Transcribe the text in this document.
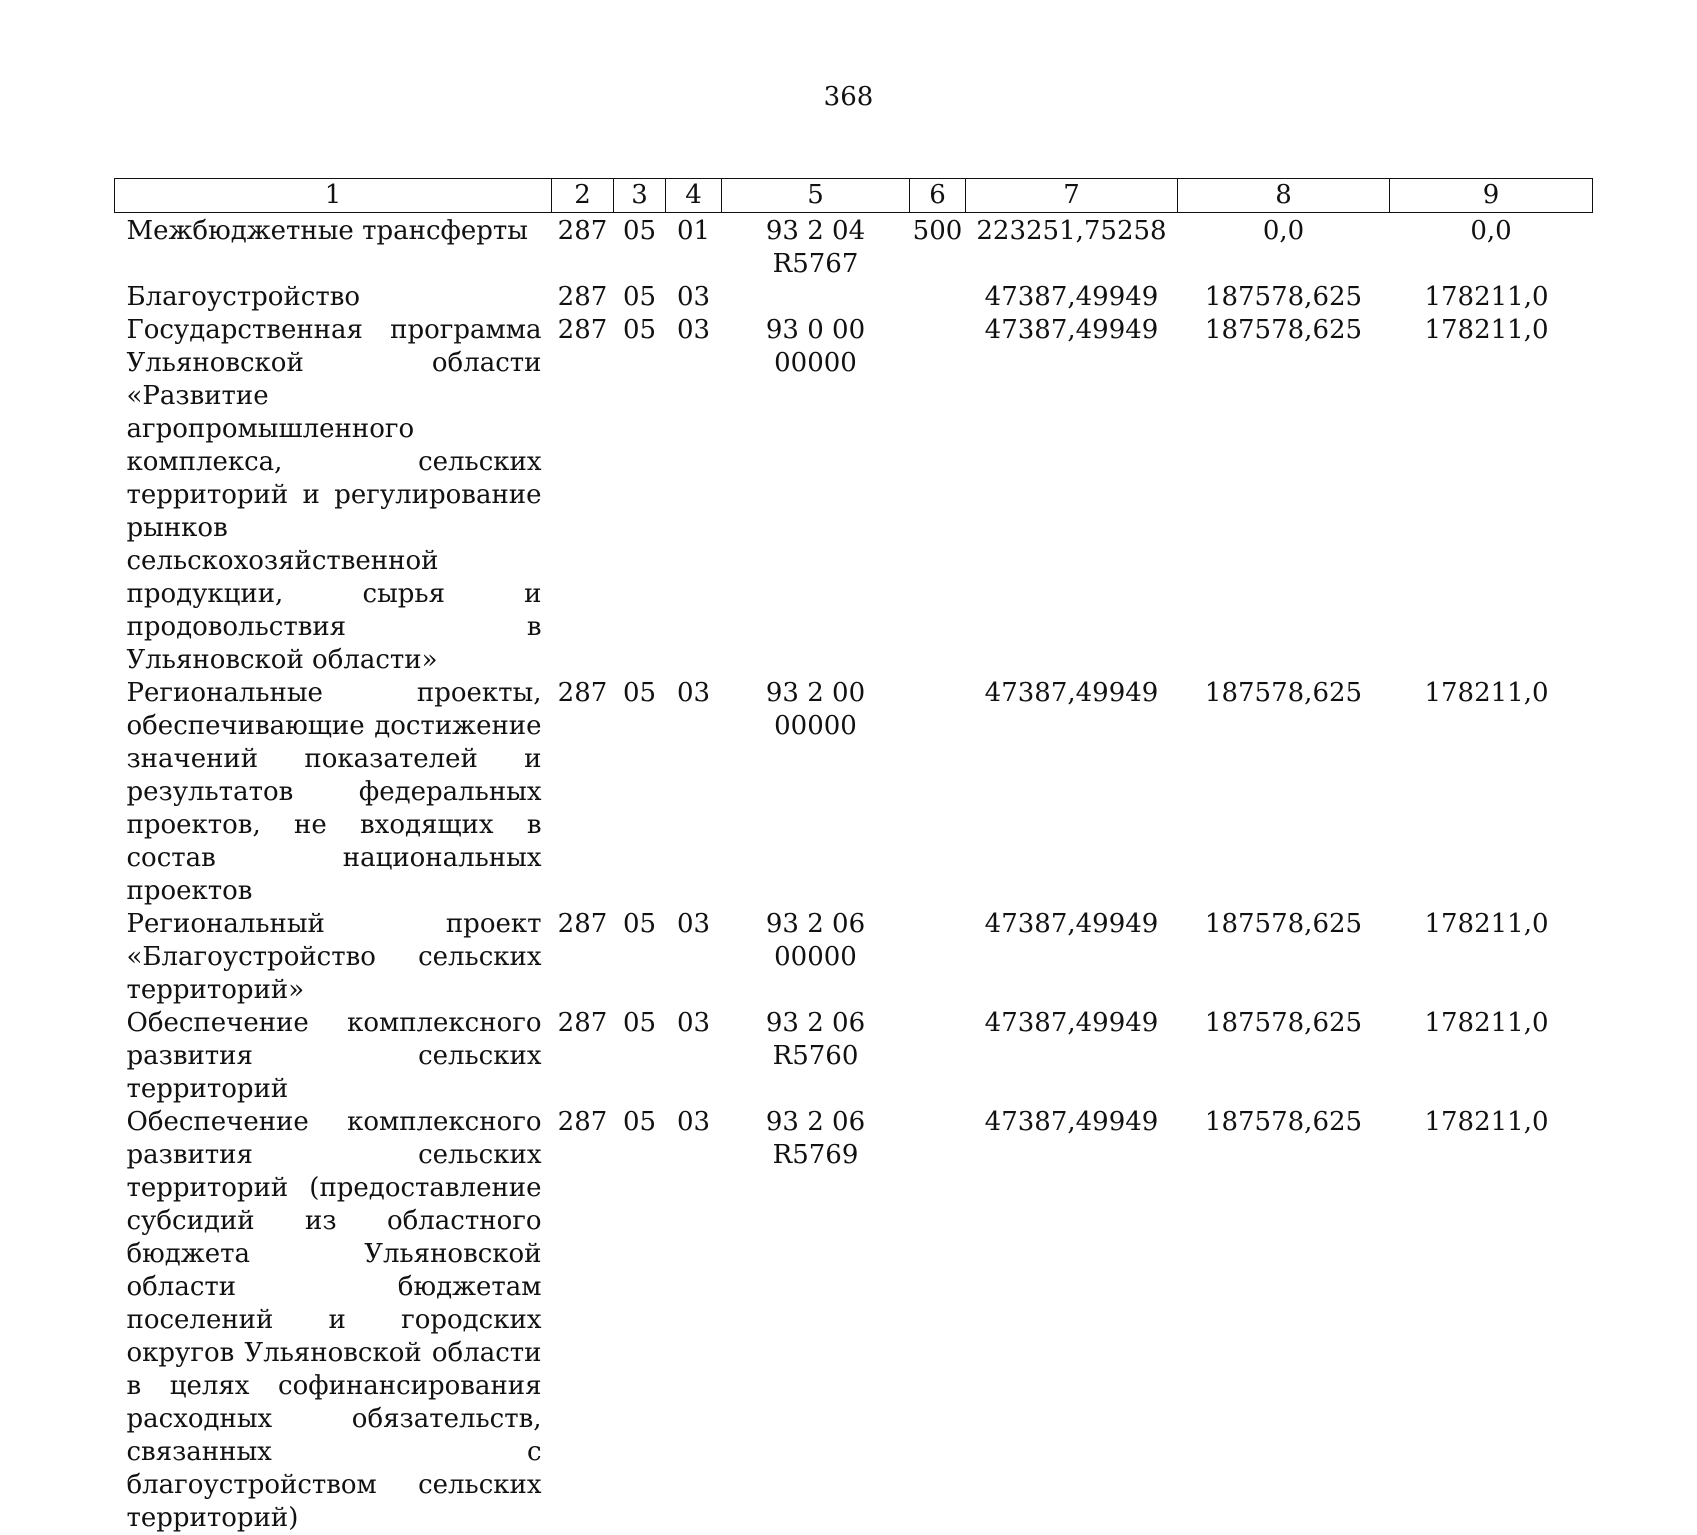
368
1	2	3	4	5	6	7	8	9
Межбюджетные трансферты	287	05	01	93 2 04 R5767	500	223251,75258	0,0	0,0
Благоустройство	287	05	03			47387,49949	187578,625	178211,0
Государственная программа Ульяновской области «Развитие агропромышленного комплекса, сельских территорий и регулирование рынков сельскохозяйственной продукции, сырья и продовольствия в Ульяновской области»	287	05	03	93 0 00 00000		47387,49949	187578,625	178211,0
Региональные проекты, обеспечивающие достижение значений показателей и результатов федеральных проектов, не входящих в состав национальных проектов	287	05	03	93 2 00 00000		47387,49949	187578,625	178211,0
Региональный проект «Благоустройство сельских территорий»	287	05	03	93 2 06 00000		47387,49949	187578,625	178211,0
Обеспечение комплексного развития сельских территорий	287	05	03	93 2 06 R5760		47387,49949	187578,625	178211,0
Обеспечение комплексного развития сельских территорий (предоставление субсидий из областного бюджета Ульяновской области бюджетам поселений и городских округов Ульяновской области в целях софинансирования расходных обязательств, связанных с благоустройством сельских территорий)	287	05	03	93 2 06 R5769		47387,49949	187578,625	178211,0
